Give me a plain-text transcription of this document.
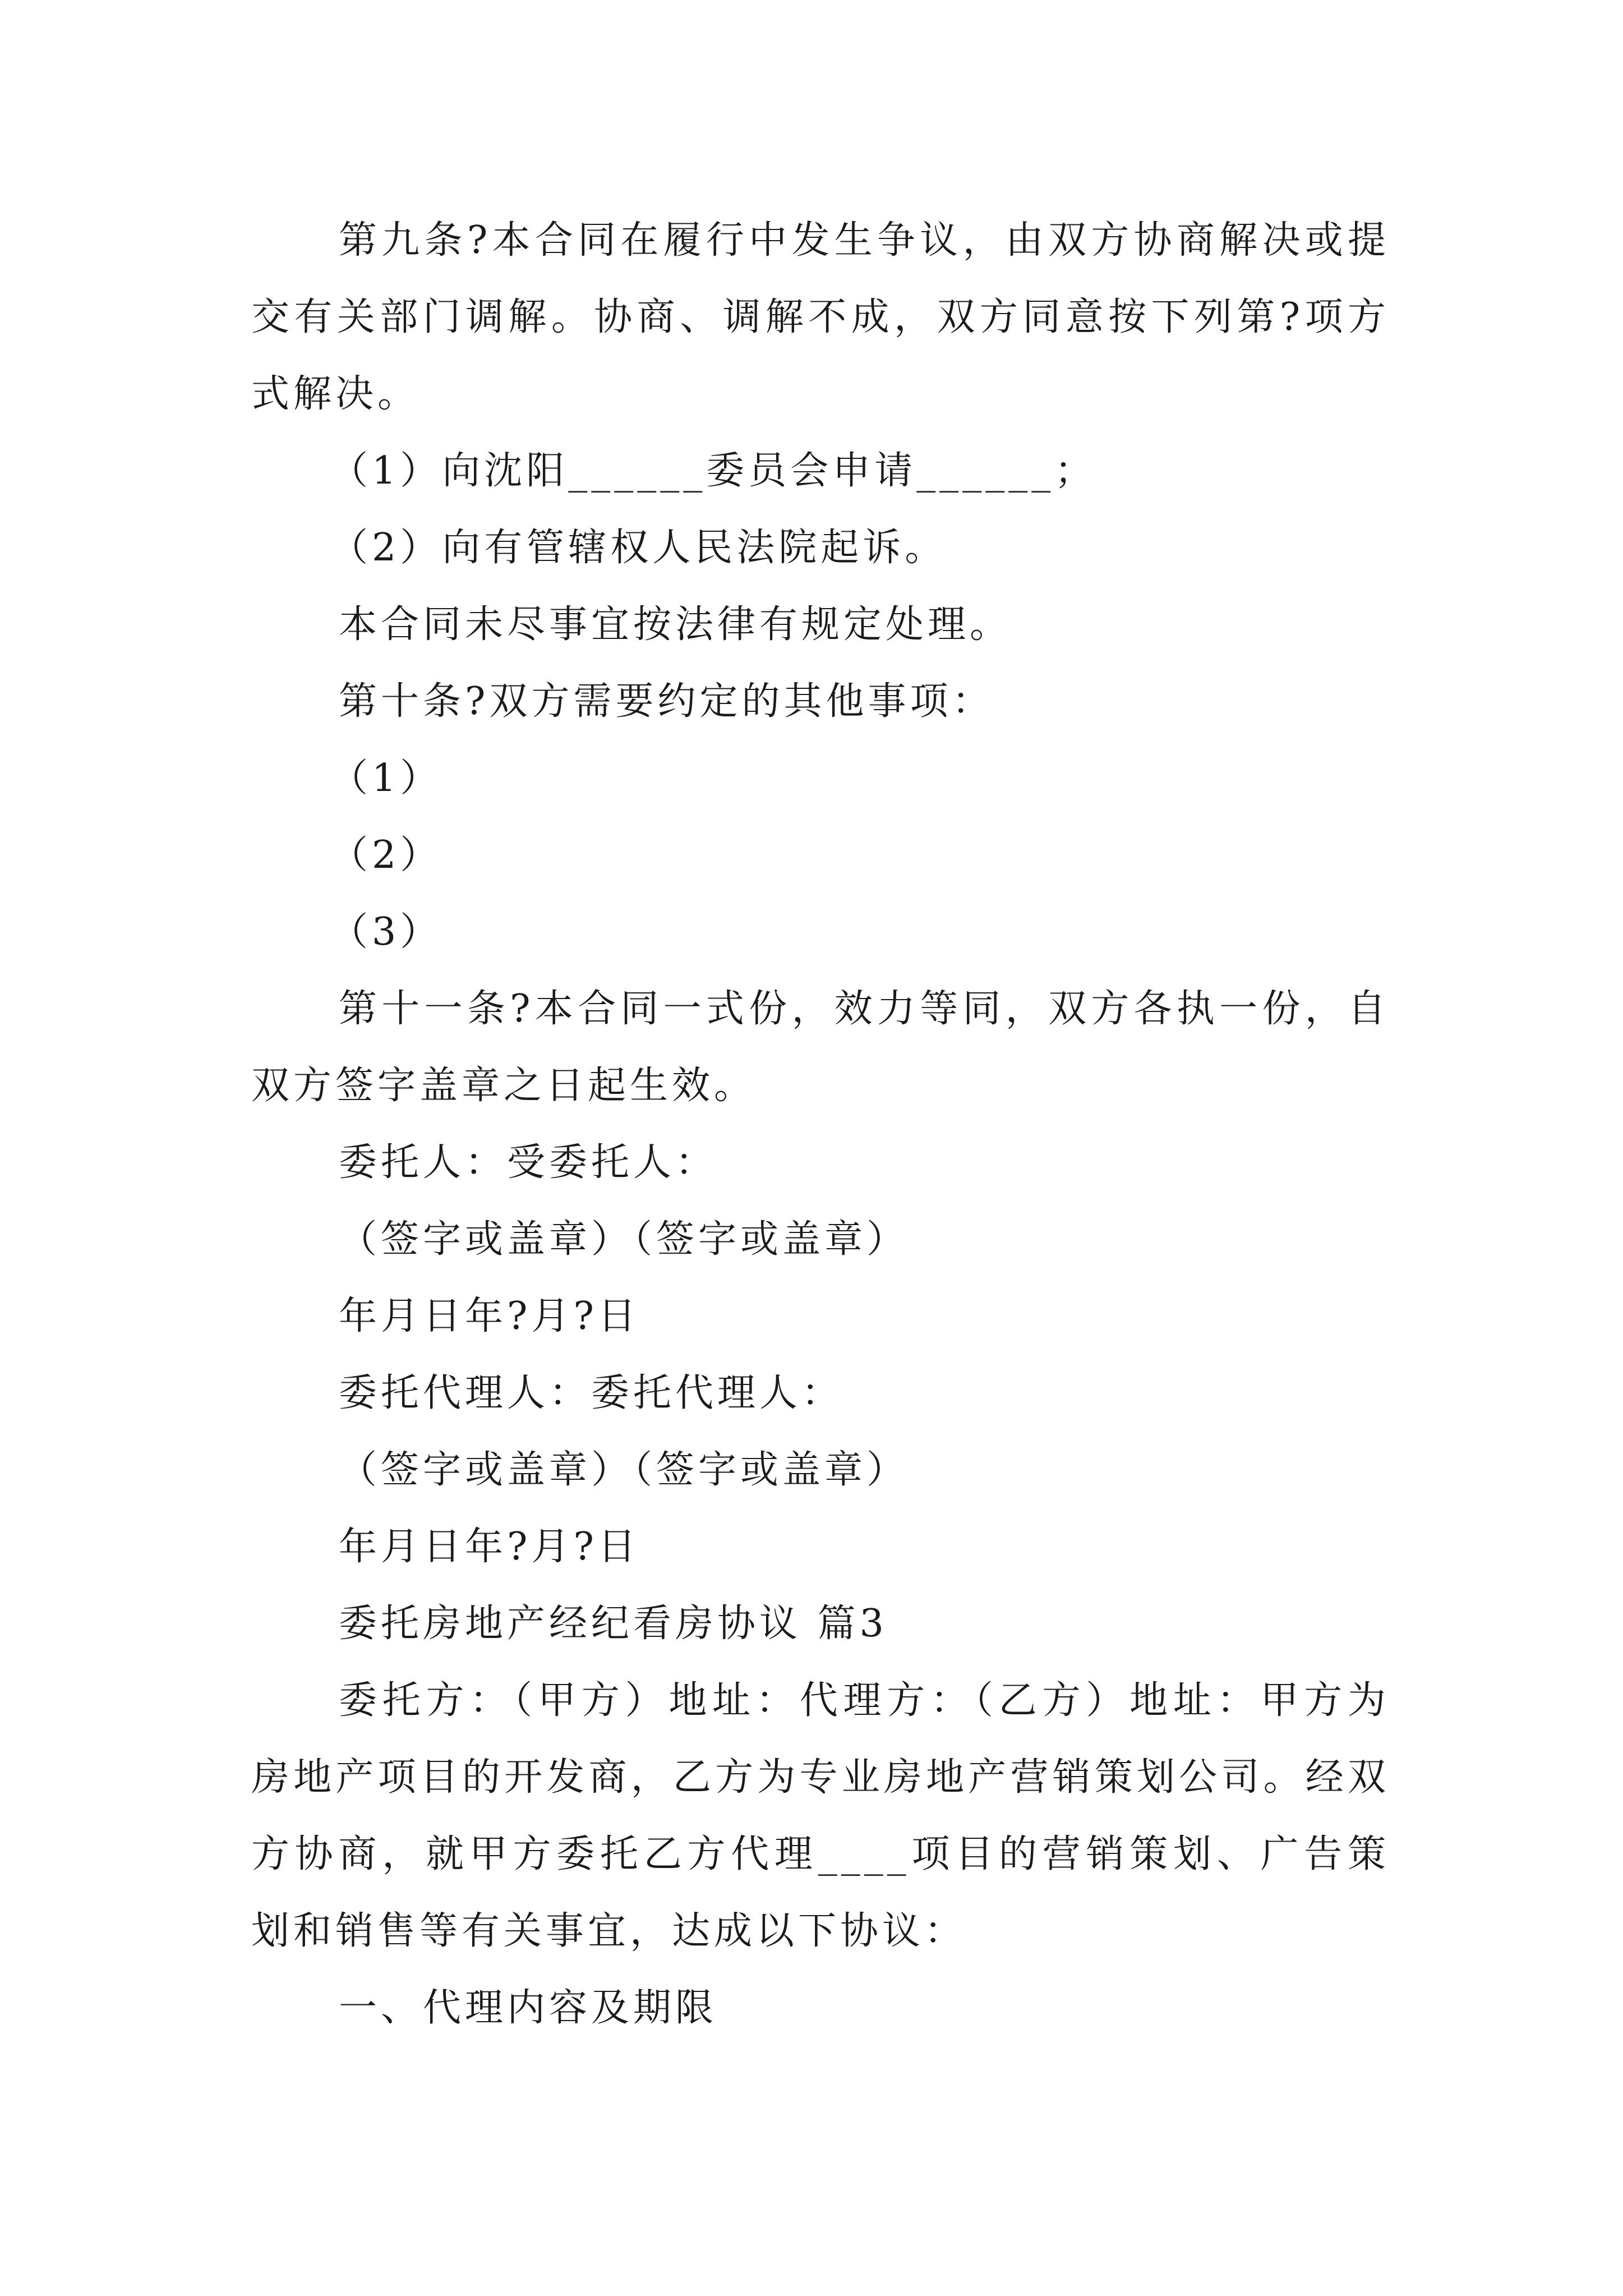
第九条?本合同在履行中发生争议，由双方协商解决或提交有关部门调解。协商、调解不成，双方同意按下列第?项方式解决。

（1）向沈阳______委员会申请______；

（2）向有管辖权人民法院起诉。

本合同未尽事宜按法律有规定处理。

第十条?双方需要约定的其他事项：

（1）

（2）

（3）

第十一条?本合同一式份，效力等同，双方各执一份，自双方签字盖章之日起生效。

委托人：受委托人：

（签字或盖章）（签字或盖章）

年月日年?月?日

委托代理人：委托代理人：

（签字或盖章）（签字或盖章）

年月日年?月?日

委托房地产经纪看房协议 篇3

委托方：（甲方）地址：代理方：（乙方）地址：甲方为房地产项目的开发商，乙方为专业房地产营销策划公司。经双方协商，就甲方委托乙方代理____项目的营销策划、广告策划和销售等有关事宜，达成以下协议：

一、代理内容及期限
